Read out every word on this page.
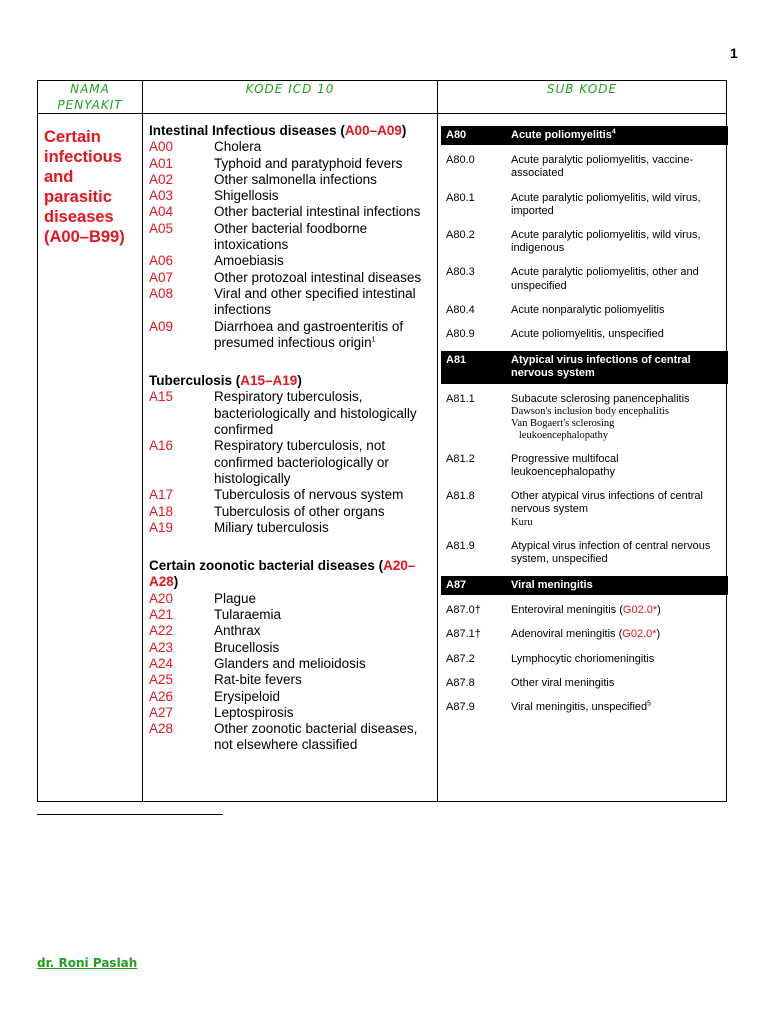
1
NAMA PENYAKIT
KODE ICD 10	SUB KODE
Certain infectious and parasitic diseases (A00–B99)
Intestinal Infectious diseases (A00–A09)
A00	Cholera
A01	Typhoid and paratyphoid fevers
A02	Other salmonella infections
A03	Shigellosis
A04	Other bacterial intestinal infections
A05	Other bacterial foodborne intoxications
A06	Amoebiasis
A07	Other protozoal intestinal diseases
A08	Viral and other specified intestinal infections
A09	Diarrhoea and gastroenteritis of presumed infectious origin$^1$
Tuberculosis (A15–A19)
A15	Respiratory tuberculosis, bacteriologically and histologically confirmed
A16	Respiratory tuberculosis, not confirmed bacteriologically or histologically
A17	Tuberculosis of nervous system
A18	Tuberculosis of other organs
A19	Miliary tuberculosis
Certain zoonotic bacterial diseases (A20–A28)
A20	Plague
A21	Tularaemia
A22	Anthrax
A23	Brucellosis
A24	Glanders and melioidosis
A25	Rat-bite fevers
A26	Erysipeloid
A27	Leptospirosis
A28	Other zoonotic bacterial diseases, not elsewhere classified
A80	Acute poliomyelitis$^4$
A80.0	Acute paralytic poliomyelitis, vaccine-associated
A80.1	Acute paralytic poliomyelitis, wild virus, imported
A80.2	Acute paralytic poliomyelitis, wild virus, indigenous
A80.3	Acute paralytic poliomyelitis, other and unspecified
A80.4	Acute nonparalytic poliomyelitis
A80.9	Acute poliomyelitis, unspecified
A81	Atypical virus infections of central nervous system
A81.1	Subacute sclerosing panencephalitis
Dawson's inclusion body encephalitis
Van Bogaert's sclerosing
leukoencephalopathy
A81.2	Progressive multifocal leukoencephalopathy
A81.8	Other atypical virus infections of central nervous system
Kuru
A81.9	Atypical virus infection of central nervous system, unspecified
A87	Viral meningitis
A87.0†	Enteroviral meningitis (G02.0*)
A87.1†	Adenoviral meningitis (G02.0*)
A87.2	Lymphocytic choriomeningitis
A87.8	Other viral meningitis
A87.9	Viral meningitis, unspecified$^5$
dr. Roni Paslah
